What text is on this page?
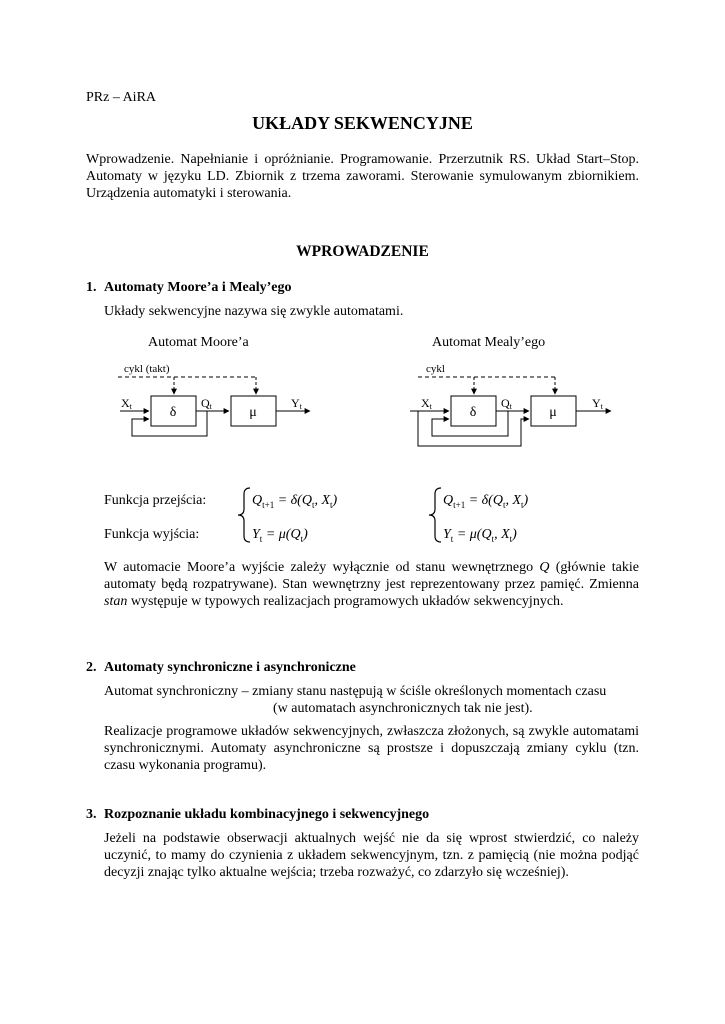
PRz – AiRA
UKŁADY SEKWENCYJNE
Wprowadzenie. Napełnianie i opróżnianie. Programowanie. Przerzutnik RS. Układ Start–Stop. Automaty w języku LD. Zbiornik z trzema zaworami. Sterowanie symulowanym zbiornikiem. Urządzenia automatyki i sterowania.
WPROWADZENIE
1. Automaty Moore’a i Mealy’ego
Układy sekwencyjne nazywa się zwykle automatami.
Automat Moore’a	Automat Mealy’ego
cykl (takt)
δ	μ
Xt	Qt	Yt
cykl
δ	μ
Xt	Qt	Yt
Funkcja przejścia:
Funkcja wyjścia:
$Q_{t+1} = \delta(Q_t$, $X_t$)
$Y_t = \mu(Q_t)$
$Q_{t+1} = \delta(Q_t$, $X_t$)
$Y_t = \mu(Q_t$, $X_t$)
W automacie Moore’a wyjście zależy wyłącznie od stanu wewnętrznego Q (głównie takie automaty będą rozpatrywane). Stan wewnętrzny jest reprezentowany przez pamięć. Zmienna stan występuje w typowych realizacjach programowych układów sekwencyjnych.
2. Automaty synchroniczne i asynchroniczne
Automat synchroniczny – zmiany stanu następują w ściśle określonych momentach czasu
(w automatach asynchronicznych tak nie jest).
Realizacje programowe układów sekwencyjnych, zwłaszcza złożonych, są zwykle automatami synchronicznymi. Automaty asynchroniczne są prostsze i dopuszczają zmiany cyklu (tzn. czasu wykonania programu).
3. Rozpoznanie układu kombinacyjnego i sekwencyjnego
Jeżeli na podstawie obserwacji aktualnych wejść nie da się wprost stwierdzić, co należy uczynić, to mamy do czynienia z układem sekwencyjnym, tzn. z pamięcią (nie można podjąć decyzji znając tylko aktualne wejścia; trzeba rozważyć, co zdarzyło się wcześniej).
